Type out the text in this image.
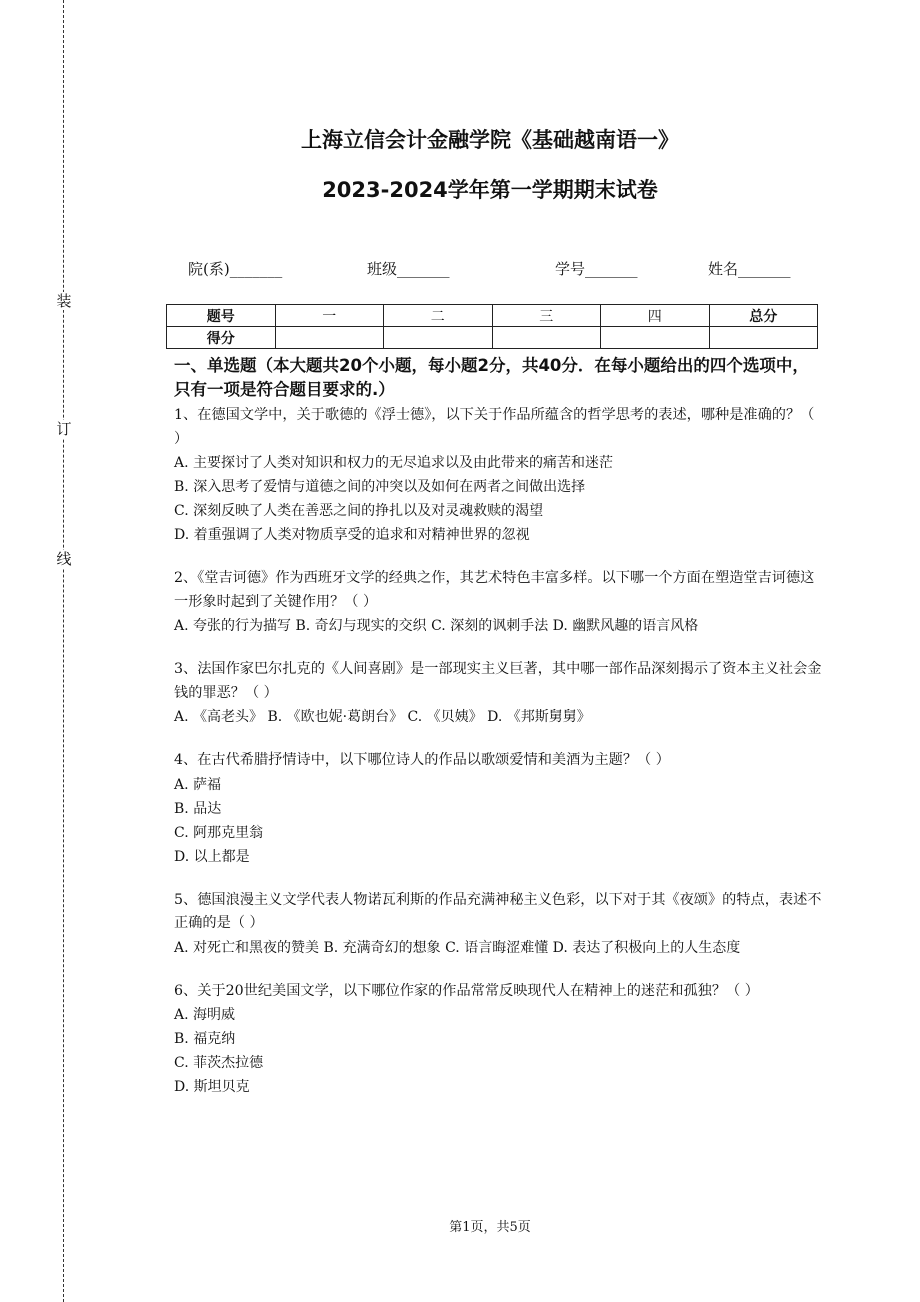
装
订
线
上海立信会计金融学院《基础越南语一》
2023-2024学年第一学期期末试卷
院(系)_______	班级_______	学号_______	姓名_______
题号	一	二	三	四	总分
得分					

一、单选题（本大题共20个小题，每小题2分，共40分．在每小题给出的四个选项中，只有一项是符合题目要求的.）

1、在德国文学中，关于歌德的《浮士德》，以下关于作品所蕴含的哲学思考的表述，哪种是准确的？（ ）

A. 主要探讨了人类对知识和权力的无尽追求以及由此带来的痛苦和迷茫

B. 深入思考了爱情与道德之间的冲突以及如何在两者之间做出选择

C. 深刻反映了人类在善恶之间的挣扎以及对灵魂救赎的渴望

D. 着重强调了人类对物质享受的追求和对精神世界的忽视

2、《堂吉诃德》作为西班牙文学的经典之作，其艺术特色丰富多样。以下哪一个方面在塑造堂吉诃德这一形象时起到了关键作用？（ ）

A. 夸张的行为描写 B. 奇幻与现实的交织 C. 深刻的讽刺手法 D. 幽默风趣的语言风格

3、法国作家巴尔扎克的《人间喜剧》是一部现实主义巨著，其中哪一部作品深刻揭示了资本主义社会金钱的罪恶？（ ）

A. 《高老头》 B. 《欧也妮·葛朗台》 C. 《贝姨》 D. 《邦斯舅舅》

4、在古代希腊抒情诗中，以下哪位诗人的作品以歌颂爱情和美酒为主题？（ ）

A. 萨福

B. 品达

C. 阿那克里翁

D. 以上都是

5、德国浪漫主义文学代表人物诺瓦利斯的作品充满神秘主义色彩，以下对于其《夜颂》的特点，表述不正确的是（ ）

A. 对死亡和黑夜的赞美 B. 充满奇幻的想象 C. 语言晦涩难懂 D. 表达了积极向上的人生态度

6、关于20世纪美国文学，以下哪位作家的作品常常反映现代人在精神上的迷茫和孤独？（ ）

A. 海明威

B. 福克纳

C. 菲茨杰拉德

D. 斯坦贝克

第1页，共5页
